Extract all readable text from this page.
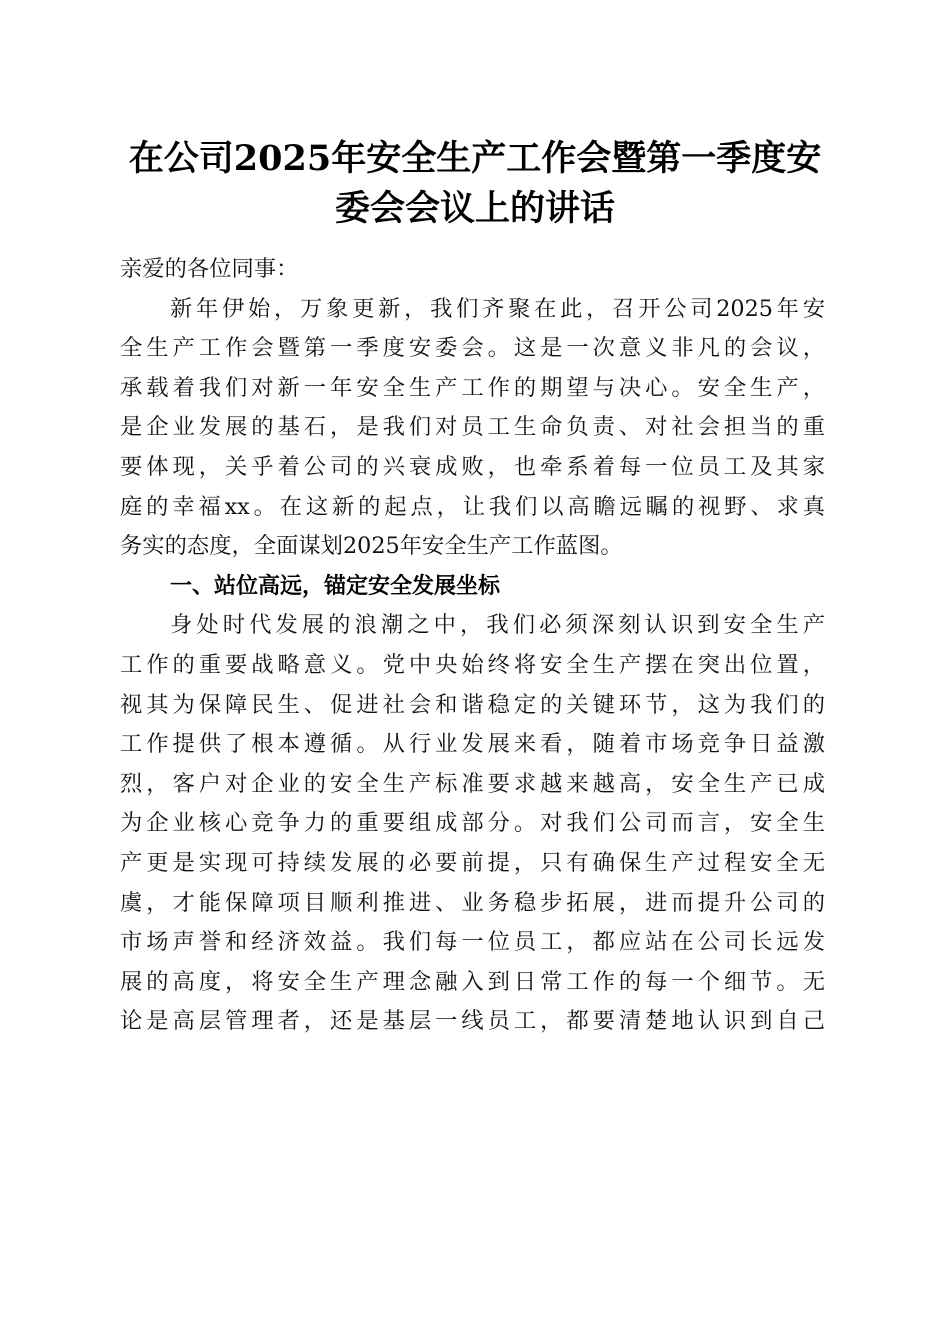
在公司2025年安全生产工作会暨第一季度安
委会会议上的讲话
亲爱的各位同事：
新年伊始，万象更新，我们齐聚在此，召开公司2025年安
全生产工作会暨第一季度安委会。这是一次意义非凡的会议，
承载着我们对新一年安全生产工作的期望与决心。安全生产，
是企业发展的基石，是我们对员工生命负责、对社会担当的重
要体现，关乎着公司的兴衰成败，也牵系着每一位员工及其家
庭的幸福xx。在这新的起点，让我们以高瞻远瞩的视野、求真
务实的态度，全面谋划2025年安全生产工作蓝图。
一、站位高远，锚定安全发展坐标
身处时代发展的浪潮之中，我们必须深刻认识到安全生产
工作的重要战略意义。党中央始终将安全生产摆在突出位置，
视其为保障民生、促进社会和谐稳定的关键环节，这为我们的
工作提供了根本遵循。从行业发展来看，随着市场竞争日益激
烈，客户对企业的安全生产标准要求越来越高，安全生产已成
为企业核心竞争力的重要组成部分。对我们公司而言，安全生
产更是实现可持续发展的必要前提，只有确保生产过程安全无
虞，才能保障项目顺利推进、业务稳步拓展，进而提升公司的
市场声誉和经济效益。我们每一位员工，都应站在公司长远发
展的高度，将安全生产理念融入到日常工作的每一个细节。无
论是高层管理者，还是基层一线员工，都要清楚地认识到自己
